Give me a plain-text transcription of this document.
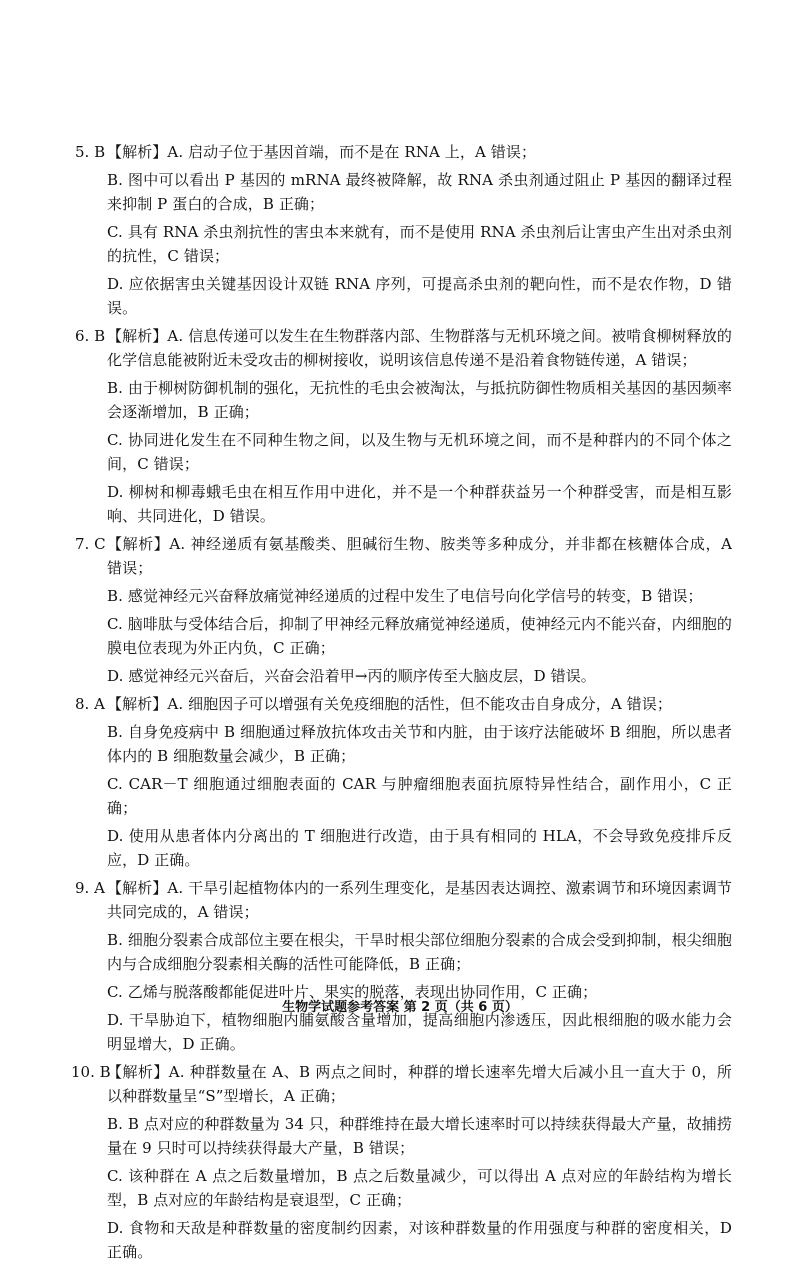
5. B 【解析】A. 启动子位于基因首端，而不是在 RNA 上，A 错误；

B. 图中可以看出 P 基因的 mRNA 最终被降解，故 RNA 杀虫剂通过阻止 P 基因的翻译过程来抑制 P 蛋白的合成，B 正确；

C. 具有 RNA 杀虫剂抗性的害虫本来就有，而不是使用 RNA 杀虫剂后让害虫产生出对杀虫剂的抗性，C 错误；

D. 应依据害虫关键基因设计双链 RNA 序列，可提高杀虫剂的靶向性，而不是农作物，D 错误。

6. B 【解析】A. 信息传递可以发生在生物群落内部、生物群落与无机环境之间。被啃食柳树释放的化学信息能被附近未受攻击的柳树接收，说明该信息传递不是沿着食物链传递，A 错误；

B. 由于柳树防御机制的强化，无抗性的毛虫会被淘汰，与抵抗防御性物质相关基因的基因频率会逐渐增加，B 正确；

C. 协同进化发生在不同种生物之间，以及生物与无机环境之间，而不是种群内的不同个体之间，C 错误；

D. 柳树和柳毒蛾毛虫在相互作用中进化，并不是一个种群获益另一个种群受害，而是相互影响、共同进化，D 错误。

7. C 【解析】A. 神经递质有氨基酸类、胆碱衍生物、胺类等多种成分，并非都在核糖体合成，A 错误；

B. 感觉神经元兴奋释放痛觉神经递质的过程中发生了电信号向化学信号的转变，B 错误；

C. 脑啡肽与受体结合后，抑制了甲神经元释放痛觉神经递质，使神经元内不能兴奋，内细胞的膜电位表现为外正内负，C 正确；

D. 感觉神经元兴奋后，兴奋会沿着甲→丙的顺序传至大脑皮层，D 错误。

8. A 【解析】A. 细胞因子可以增强有关免疫细胞的活性，但不能攻击自身成分，A 错误；

B. 自身免疫病中 B 细胞通过释放抗体攻击关节和内脏，由于该疗法能破坏 B 细胞，所以患者体内的 B 细胞数量会减少，B 正确；

C. CAR－T 细胞通过细胞表面的 CAR 与肿瘤细胞表面抗原特异性结合，副作用小，C 正确；

D. 使用从患者体内分离出的 T 细胞进行改造，由于具有相同的 HLA，不会导致免疫排斥反应，D 正确。

9. A 【解析】A. 干旱引起植物体内的一系列生理变化，是基因表达调控、激素调节和环境因素调节共同完成的，A 错误；

B. 细胞分裂素合成部位主要在根尖，干旱时根尖部位细胞分裂素的合成会受到抑制，根尖细胞内与合成细胞分裂素相关酶的活性可能降低，B 正确；

C. 乙烯与脱落酸都能促进叶片、果实的脱落，表现出协同作用，C 正确；

D. 干旱胁迫下，植物细胞内脯氨酸含量增加，提高细胞内渗透压，因此根细胞的吸水能力会明显增大，D 正确。

10. B

【解析】A. 种群数量在 A、B 两点之间时，种群的增长速率先增大后减小且一直大于 0，所以种群数量呈“S”型增长，A 正确；

B. B 点对应的种群数量为 34 只，种群维持在最大增长速率时可以持续获得最大产量，故捕捞量在 9 只时可以持续获得最大产量，B 错误；

C. 该种群在 A 点之后数量增加，B 点之后数量减少，可以得出 A 点对应的年龄结构为增长型，B 点对应的年龄结构是衰退型，C 正确；

D. 食物和天敌是种群数量的密度制约因素，对该种群数量的作用强度与种群的密度相关，D 正确。

生物学试题参考答案 第 2 页（共 6 页）
